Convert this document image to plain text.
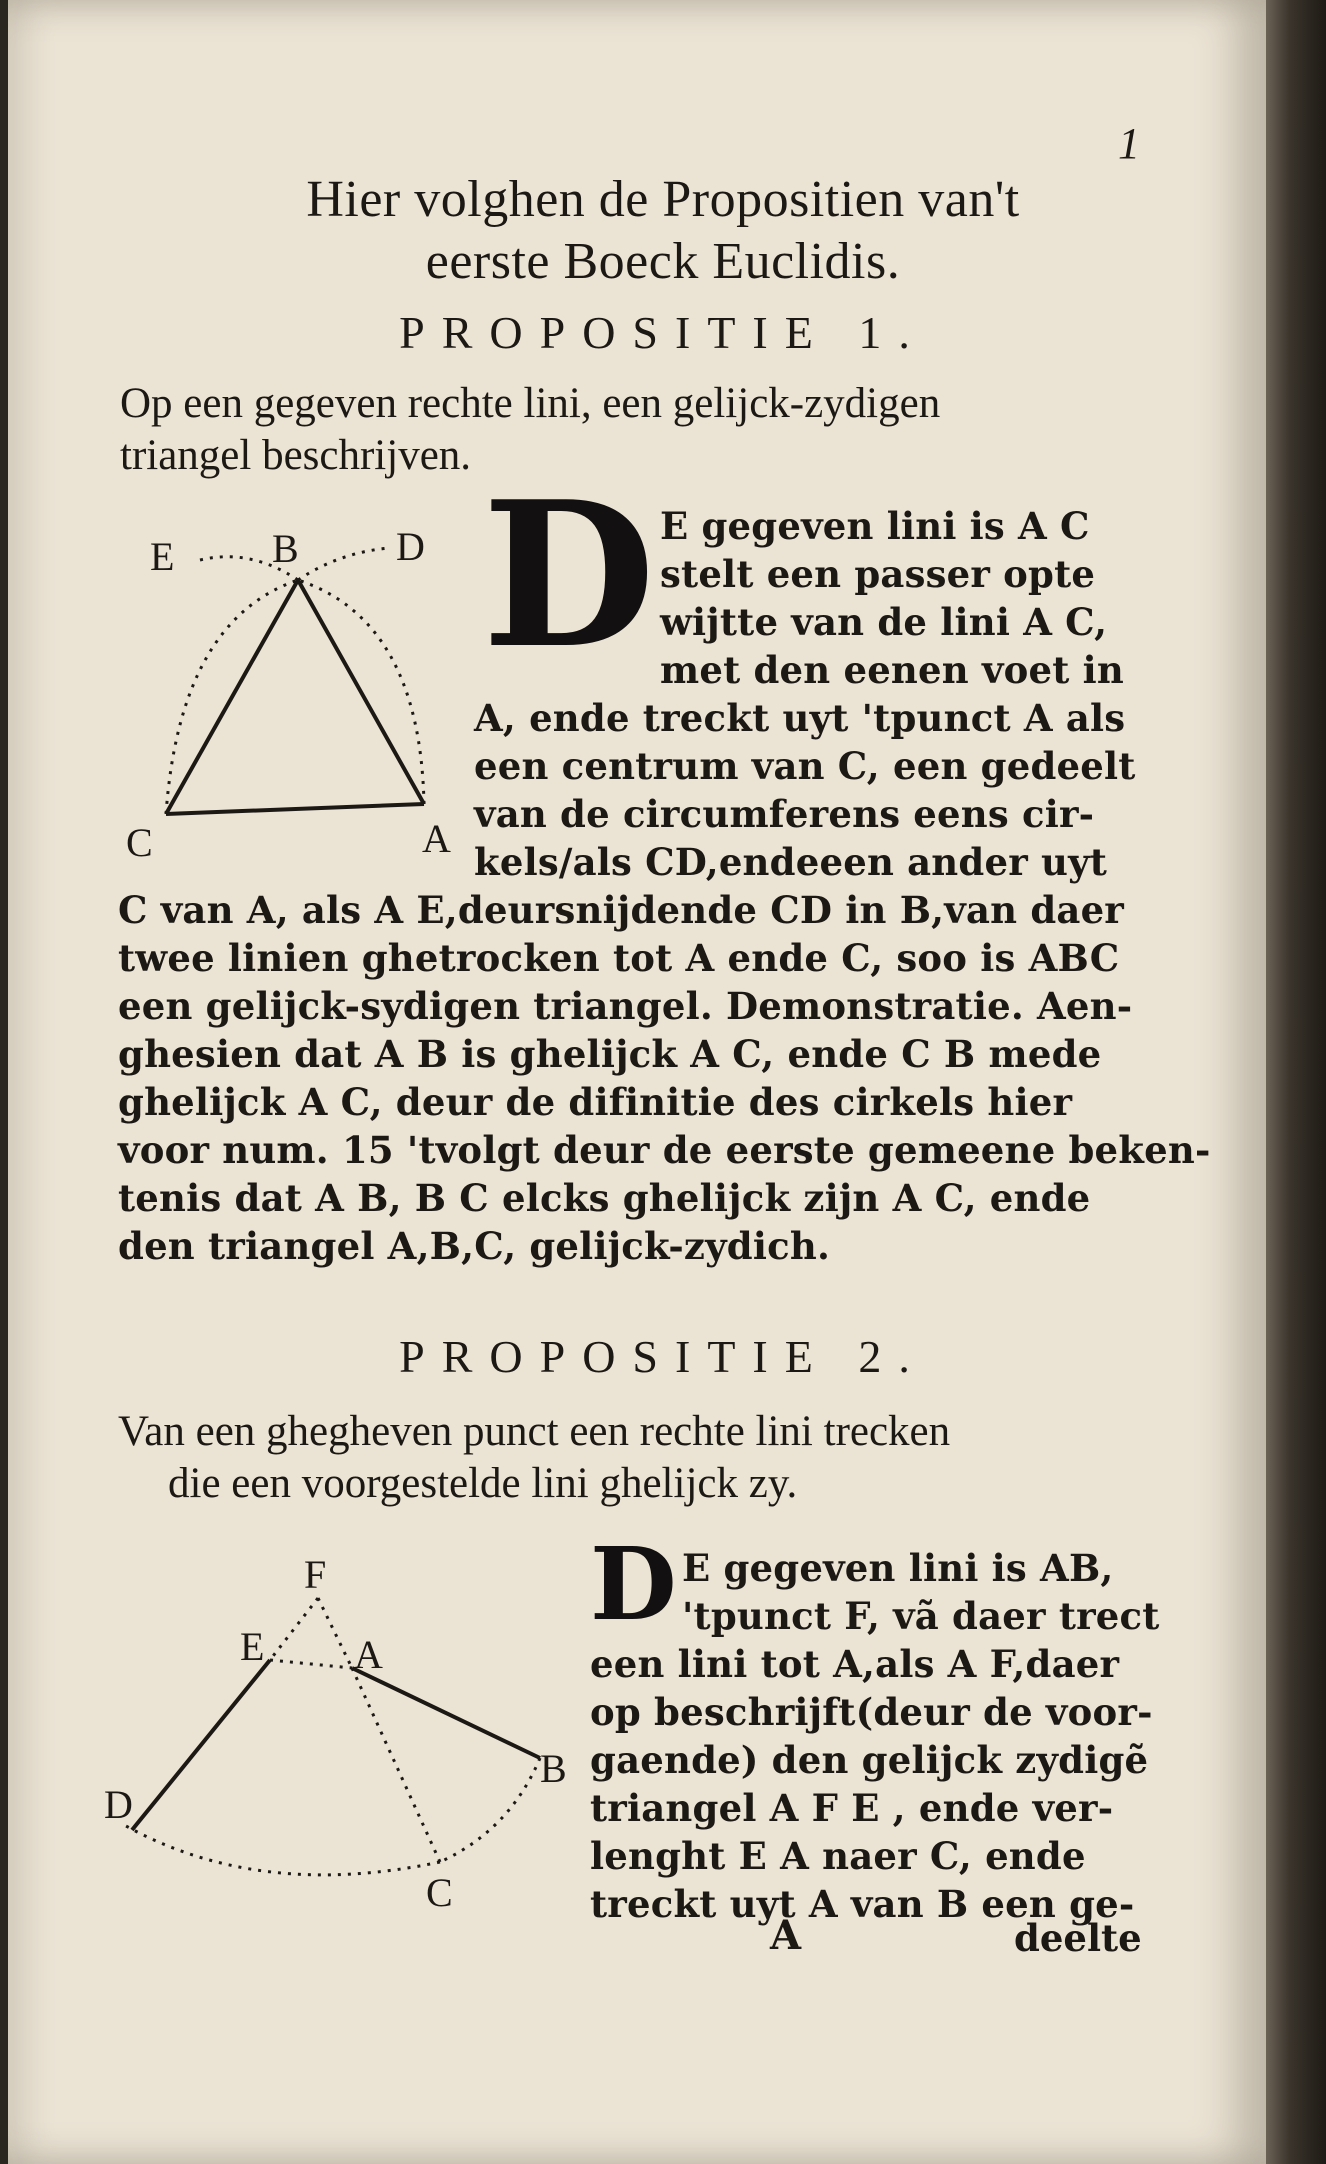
1
Hier volghen de Propositien van't
eerste Boeck Euclidis.
PROPOSITIE 1.
Op een gegeven rechte lini, een gelijck-zydigen
triangel beschrijven.
E B D
C	A
D E gegeven lini is A C
stelt een passer opte
wijtte van de lini A C,
met den eenen voet in
A, ende treckt uyt 'tpunct A als
een centrum van C, een gedeelt
van de circumferens eens cir-
kels/als CD,endeeen ander uyt
C van A, als A E,deursnijdende CD in B,van daer
twee linien ghetrocken tot A ende C, soo is ABC
een gelijck-sydigen triangel. Demonstratie. Aen-
ghesien dat A B is ghelijck A C, ende C B mede
ghelijck A C, deur de difinitie des cirkels hier
voor num. 15 'tvolgt deur de eerste gemeene beken-
tenis dat A B, B C elcks ghelijck zijn A C, ende
den triangel A,B,C, gelijck-zydich.
PROPOSITIE 2.
Van een ghegheven punct een rechte lini trecken
die een voorgestelde lini ghelijck zy.
F
E A
B
D
C
D E gegeven lini is AB,
'tpunct F, vã daer trect
een lini tot A,als A F,daer
op beschrijft(deur de voor-
gaende) den gelijck zydigẽ
triangel A F E , ende ver-
lenght E A naer C, ende
treckt uyt A van B een ge-
A	deelte
